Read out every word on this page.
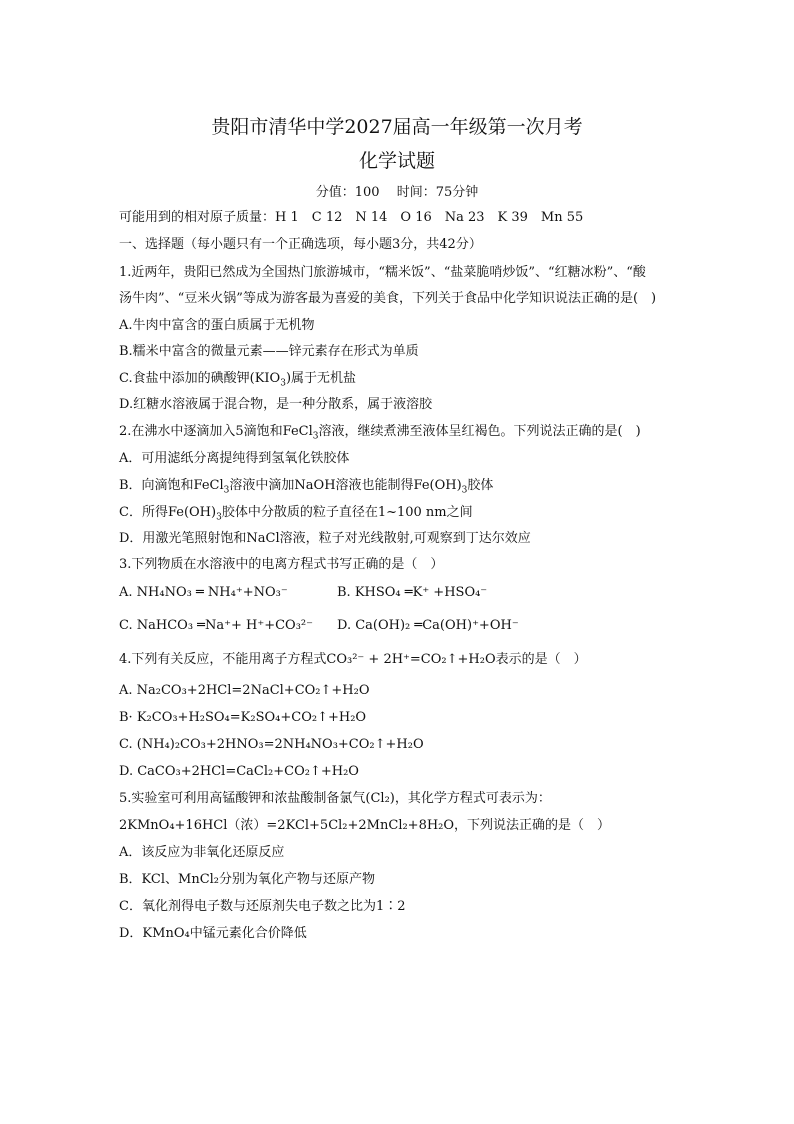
贵阳市清华中学2027届高一年级第一次月考
化学试题
分值：100　 时间：75分钟
可能用到的相对原子质量：H 1　C 12　N 14　O 16　Na 23　K 39　Mn 55
一、选择题（每小题只有一个正确选项，每小题3分，共42分）
1.近两年，贵阳已然成为全国热门旅游城市，“糯米饭”、“盐菜脆哨炒饭”、“红糖冰粉”、“酸
汤牛肉”、“豆米火锅”等成为游客最为喜爱的美食，下列关于食品中化学知识说法正确的是(　)
A.牛肉中富含的蛋白质属于无机物
B.糯米中富含的微量元素——锌元素存在形式为单质
C.食盐中添加的碘酸钾$(KIO_3)$属于无机盐
D.红糖水溶液属于混合物，是一种分散系，属于液溶胶
2.在沸水中逐滴加入5滴饱和FeCl$_3$溶液，继续煮沸至液体呈红褐色。下列说法正确的是(　)
A．可用滤纸分离提纯得到氢氧化铁胶体
B．向滴饱和FeCl$_3$溶液中滴加NaOH溶液也能制得$Fe(OH)_3$胶体
C．所得$Fe(OH)_3$胶体中分散质的粒子直径在1~100 nm之间
D．用激光笔照射饱和NaCl溶液，粒子对光线散射,可观察到丁达尔效应
3.下列物质在水溶液中的电离方程式书写正确的是（　）
A. NH₄NO₃ ═ NH₄⁺+NO₃⁻	B. KHSO₄ ═K⁺ +HSO₄⁻
C. NaHCO₃ ═Na⁺+ H⁺+CO₃²⁻ D. Ca(OH)₂ ═Ca(OH)⁺+OH⁻
4.下列有关反应，不能用离子方程式CO₃²⁻ + 2H⁺=CO₂↑+H₂O表示的是（　）
A. Na₂CO₃+2HCl=2NaCl+CO₂↑+H₂O
B· K₂CO₃+H₂SO₄=K₂SO₄+CO₂↑+H₂O
C. (NH₄)₂CO₃+2HNO₃=2NH₄NO₃+CO₂↑+H₂O
D. CaCO₃+2HCl=CaCl₂+CO₂↑+H₂O
5.实验室可利用高锰酸钾和浓盐酸制备氯气(Cl₂)，其化学方程式可表示为：
2KMnO₄+16HCl（浓）=2KCl+5Cl₂+2MnCl₂+8H₂O，下列说法正确的是（　）
A．该反应为非氧化还原反应
B．KCl、MnCl₂分别为氧化产物与还原产物
C．氧化剂得电子数与还原剂失电子数之比为1∶2
D．KMnO₄中锰元素化合价降低
